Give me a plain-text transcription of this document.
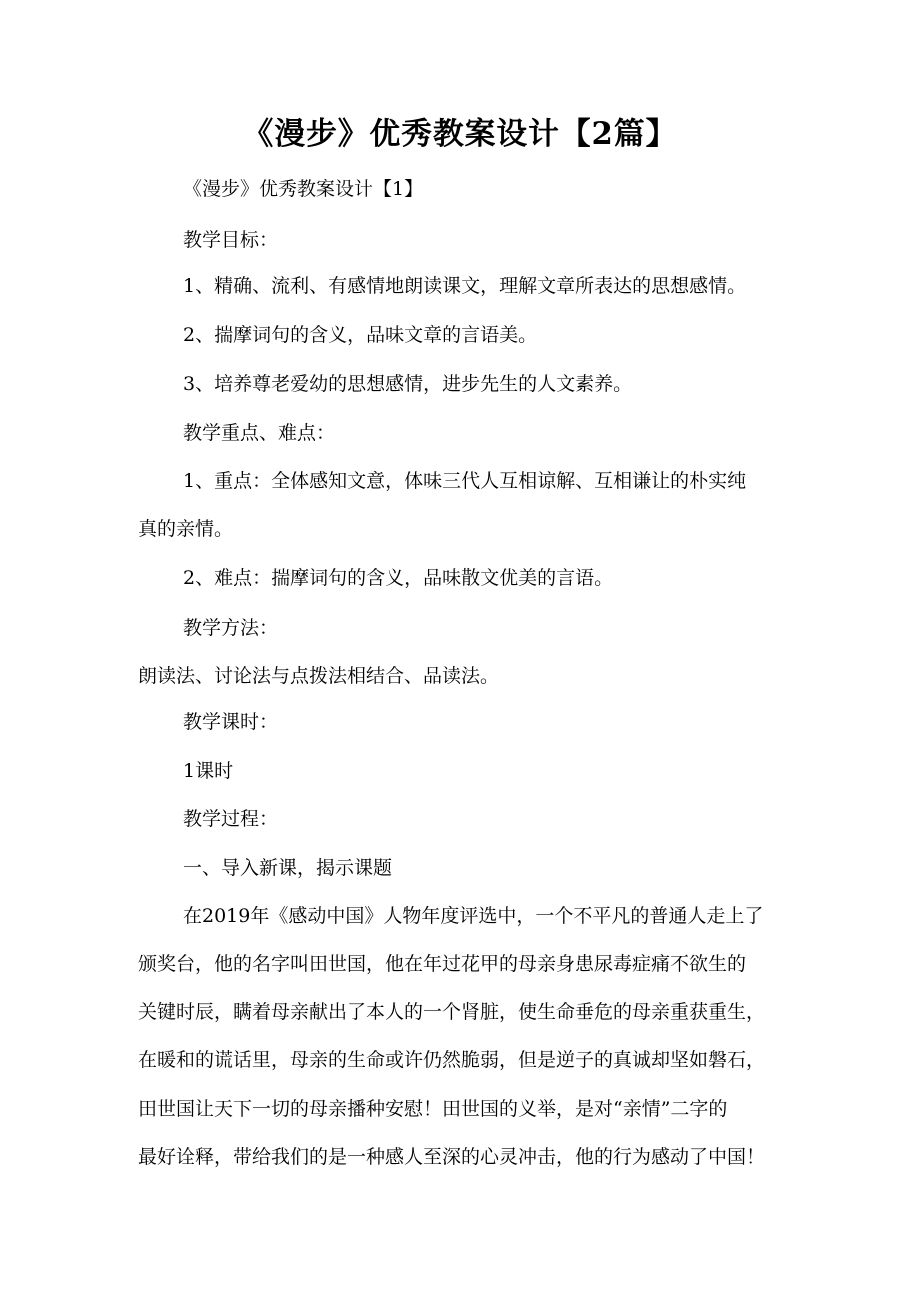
《漫步》优秀教案设计【2篇】
《漫步》优秀教案设计【1】
教学目标：
1、精确、流利、有感情地朗读课文，理解文章所表达的思想感情。
2、揣摩词句的含义，品味文章的言语美。
3、培养尊老爱幼的思想感情，进步先生的人文素养。
教学重点、难点：
1、重点：全体感知文意，体味三代人互相谅解、互相谦让的朴实纯
真的亲情。
2、难点：揣摩词句的含义，品味散文优美的言语。
教学方法：
朗读法、讨论法与点拨法相结合、品读法。
教学课时：
1课时
教学过程：
一、导入新课，揭示课题
在2019年《感动中国》人物年度评选中，一个不平凡的普通人走上了
颁奖台，他的名字叫田世国，他在年过花甲的母亲身患尿毒症痛不欲生的
关键时辰，瞒着母亲献出了本人的一个肾脏，使生命垂危的母亲重获重生，
在暖和的谎话里，母亲的生命或许仍然脆弱，但是逆子的真诚却坚如磐石，
田世国让天下一切的母亲播种安慰！田世国的义举，是对“亲情”二字的
最好诠释，带给我们的是一种感人至深的心灵冲击，他的行为感动了中国！
